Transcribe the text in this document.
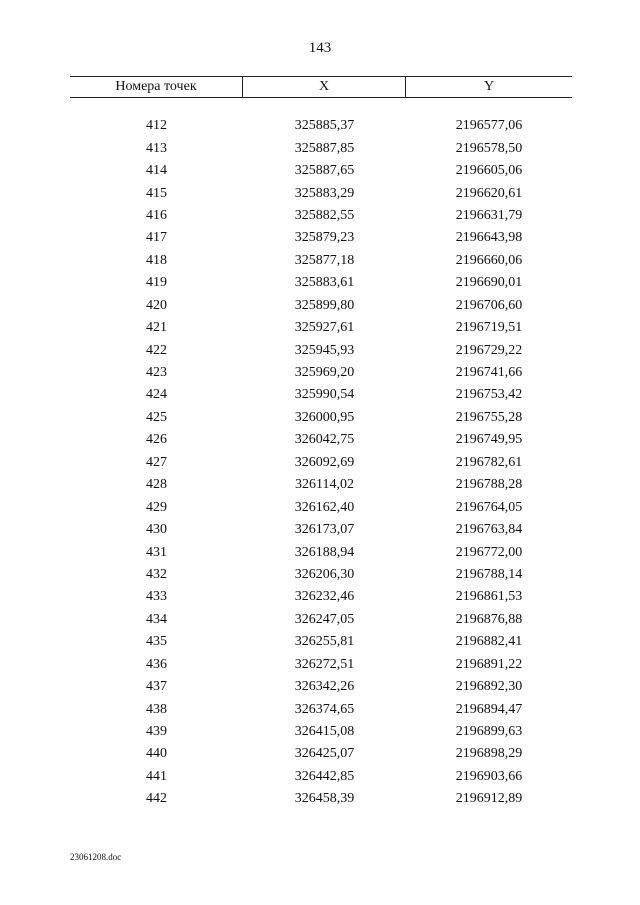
143
Номера точек	X	Y
412	325885,37	2196577,06
413	325887,85	2196578,50
414	325887,65	2196605,06
415	325883,29	2196620,61
416	325882,55	2196631,79
417	325879,23	2196643,98
418	325877,18	2196660,06
419	325883,61	2196690,01
420	325899,80	2196706,60
421	325927,61	2196719,51
422	325945,93	2196729,22
423	325969,20	2196741,66
424	325990,54	2196753,42
425	326000,95	2196755,28
426	326042,75	2196749,95
427	326092,69	2196782,61
428	326114,02	2196788,28
429	326162,40	2196764,05
430	326173,07	2196763,84
431	326188,94	2196772,00
432	326206,30	2196788,14
433	326232,46	2196861,53
434	326247,05	2196876,88
435	326255,81	2196882,41
436	326272,51	2196891,22
437	326342,26	2196892,30
438	326374,65	2196894,47
439	326415,08	2196899,63
440	326425,07	2196898,29
441	326442,85	2196903,66
442	326458,39	2196912,89
23061208.doc
